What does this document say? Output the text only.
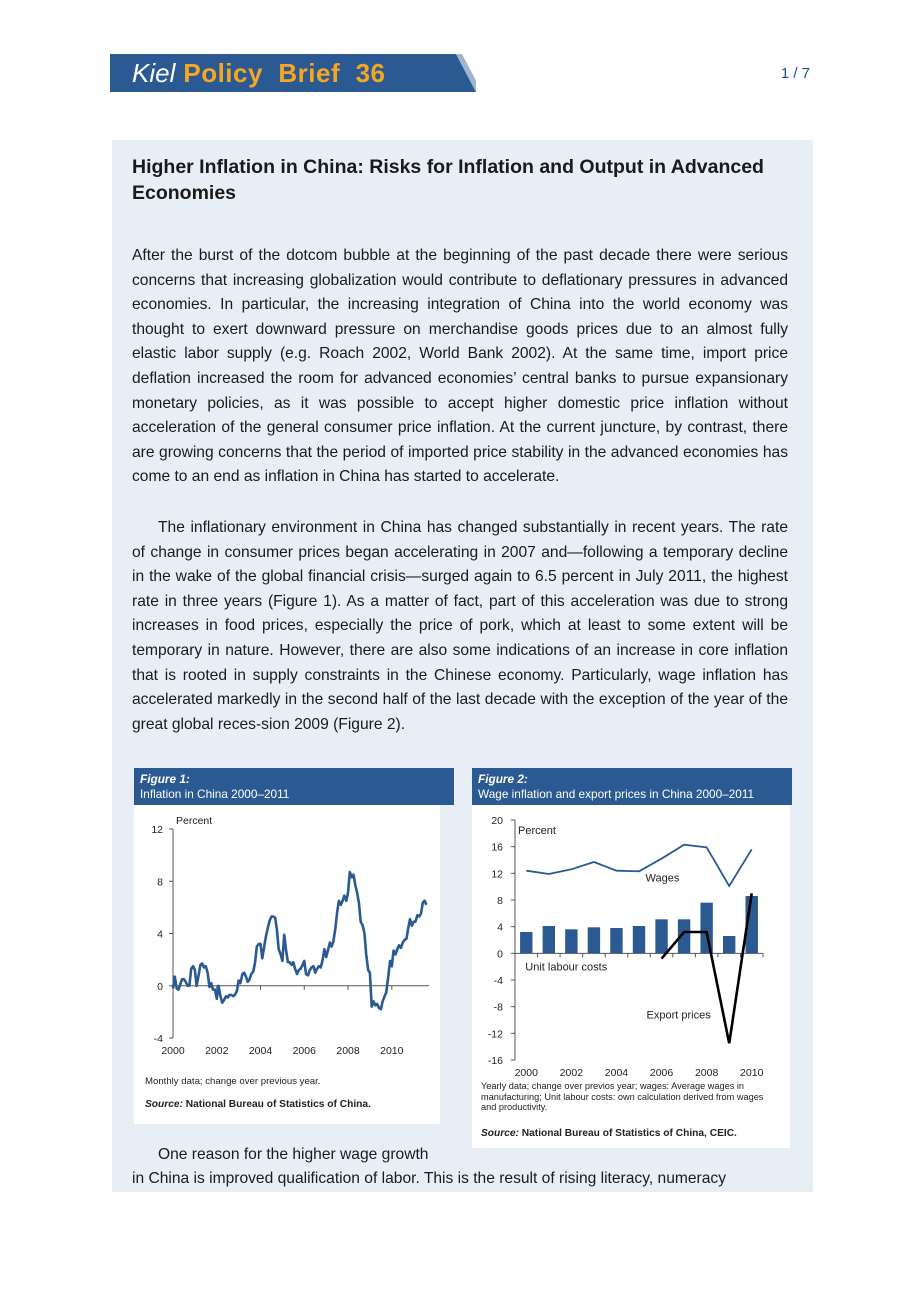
Kiel Policy  Brief  36	1 / 7
Higher Inflation in China: Risks for Inflation and Output in Advanced Economies

After the burst of the dotcom bubble at the beginning of the past decade there were serious concerns that increasing globalization would contribute to deflationary pressures in advanced economies. In particular, the increasing integration of China into the world economy was thought to exert downward pressure on merchandise goods prices due to an almost fully elastic labor supply (e.g. Roach 2002, World Bank 2002). At the same time, import price deflation increased the room for advanced economies’ central banks to pursue expansionary monetary policies, as it was possible to accept higher domestic price inflation without acceleration of the general consumer price inflation. At the current juncture, by contrast, there are growing concerns that the period of imported price stability in the advanced economies has come to an end as inflation in China has started to accelerate.

The inflationary environment in China has changed substantially in recent years. The rate of change in consumer prices began accelerating in 2007 and—following a temporary decline in the wake of the global financial crisis—surged again to 6.5 percent in July 2011, the highest rate in three years (Figure 1). As a matter of fact, part of this acceleration was due to strong increases in food prices, especially the price of pork, which at least to some extent will be temporary in nature. However, there are also some indications of an increase in core inflation that is rooted in supply constraints in the Chinese economy. Particularly, wage inflation has accelerated markedly in the second half of the last decade with the exception of the year of the great global reces-sion 2009 (Figure 2).

Figure 1:
Inflation in China 2000–2011
12
8
4
0
-4
2000 2002 2004 2006 2008 2010
Percent
Monthly data; change over previous year.
Source: National Bureau of Statistics of China.
Figure 2:
Wage inflation and export prices in China 2000–2011
20
16
12
8
4
0
-4
-8
-12
-16
2000 2002 2004 2006 2008 2010
Percent
Wages
Unit labour costs
Export prices
Yearly data; change over previos year; wages: Average wages in manufacturing; Unit labour costs: own calculation derived from wages and productivity.
Source: National Bureau of Statistics of China, CEIC.

One reason for the higher wage growth

in China is improved qualification of labor. This is the result of rising literacy, numeracy
